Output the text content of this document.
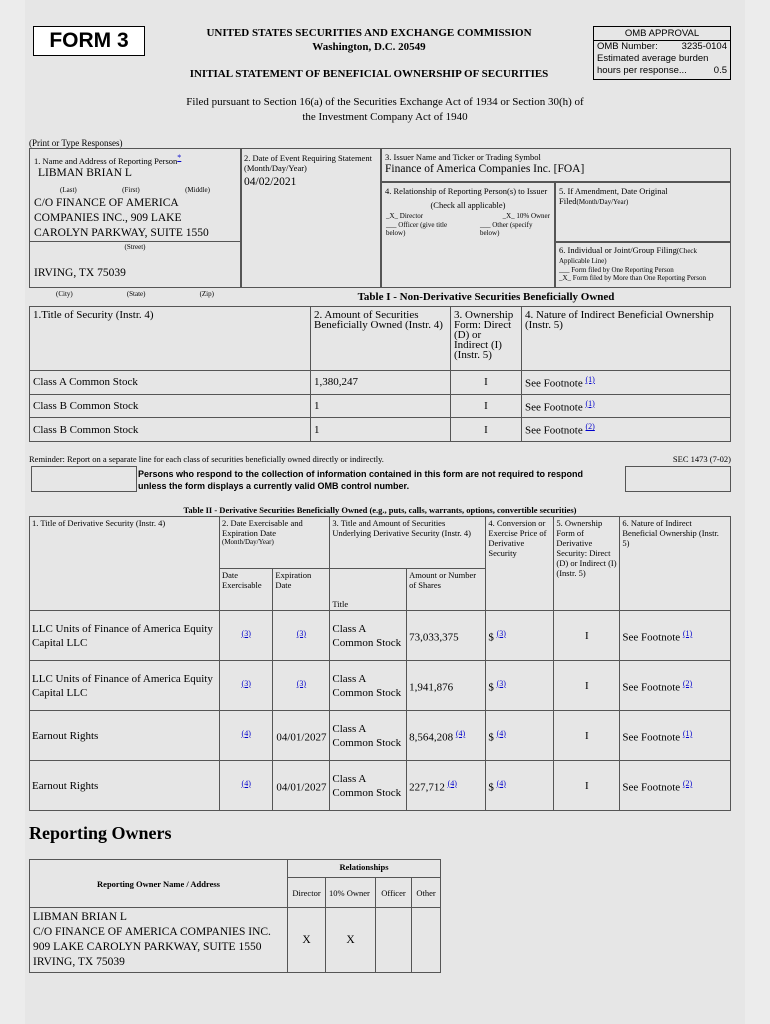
FORM 3	UNITED STATES SECURITIES AND EXCHANGE COMMISSION
Washington, D.C. 20549
OMB APPROVAL
OMB Number:	3235-0104
Estimated average burden
hours per response...	0.5
INITIAL STATEMENT OF BENEFICIAL OWNERSHIP OF SECURITIES
Filed pursuant to Section 16(a) of the Securities Exchange Act of 1934 or Section 30(h) of
the Investment Company Act of 1940
(Print or Type Responses)
1. Name and Address of Reporting Person*
LIBMAN BRIAN L
(Last)	(First)	(Middle)
C/O FINANCE OF AMERICA COMPANIES INC., 909 LAKE CAROLYN PARKWAY, SUITE 1550
(Street)
IRVING, TX 75039
(City)	(State)	(Zip)
2. Date of Event Requiring Statement (Month/Day/Year)
04/02/2021
3. Issuer Name and Ticker or Trading Symbol
Finance of America Companies Inc. [FOA]
4. Relationship of Reporting Person(s) to Issuer
(Check all applicable)
_X_ Director	_X_ 10% Owner
___ Officer (give title below)
___ Other (specify below)
5. If Amendment, Date Original Filed(Month/Day/Year)
6. Individual or Joint/Group Filing(Check Applicable Line)
___ Form filed by One Reporting Person
_X_ Form filed by More than One Reporting Person
Table I - Non-Derivative Securities Beneficially Owned
1.Title of Security (Instr. 4)	2. Amount of Securities Beneficially Owned (Instr. 4)	3. Ownership Form: Direct (D) or Indirect (I) (Instr. 5)	4. Nature of Indirect Beneficial Ownership (Instr. 5)
Class A Common Stock	1,380,247	I	See Footnote $^{(1)}$
Class B Common Stock	1	I	See Footnote $^{(1)}$
Class B Common Stock	1	I	See Footnote $^{(2)}$
Reminder: Report on a separate line for each class of securities beneficially owned directly or indirectly.	SEC 1473 (7-02)
Persons who respond to the collection of information contained in this form are not required to respond
unless the form displays a currently valid OMB control number.
Table II - Derivative Securities Beneficially Owned (e.g., puts, calls, warrants, options, convertible securities)
1. Title of Derivative Security (Instr. 4)	2. Date Exercisable and Expiration Date
(Month/Day/Year)		3. Title and Amount of Securities Underlying Derivative Security (Instr. 4)		4. Conversion or Exercise Price of Derivative Security	5. Ownership Form of Derivative Security: Direct (D) or Indirect (I) (Instr. 5)	6. Nature of Indirect Beneficial Ownership (Instr. 5)
	Date Exercisable	Expiration Date	Title	Amount or Number of Shares			
LLC Units of Finance of America Equity Capital LLC	$^{(3)}$	$^{(3)}$	Class A Common Stock	73,033,375	$ $^{(3)}$	I	See Footnote $^{(1)}$
LLC Units of Finance of America Equity Capital LLC	$^{(3)}$	$^{(3)}$	Class A Common Stock	1,941,876	$ $^{(3)}$	I	See Footnote $^{(2)}$
Earnout Rights	$^{(4)}$	04/01/2027	Class A Common Stock	8,564,208 $^{(4)}$	$ $^{(4)}$	I	See Footnote $^{(1)}$
Earnout Rights	$^{(4)}$	04/01/2027	Class A Common Stock	227,712 $^{(4)}$	$ $^{(4)}$	I	See Footnote $^{(2)}$
Reporting Owners
Reporting Owner Name / Address	Relationships			
	Director	10% Owner	Officer	Other

LIBMAN BRIAN L
C/O FINANCE OF AMERICA COMPANIES INC.
909 LAKE CAROLYN PARKWAY, SUITE 1550
IRVING, TX 75039	X	X		
